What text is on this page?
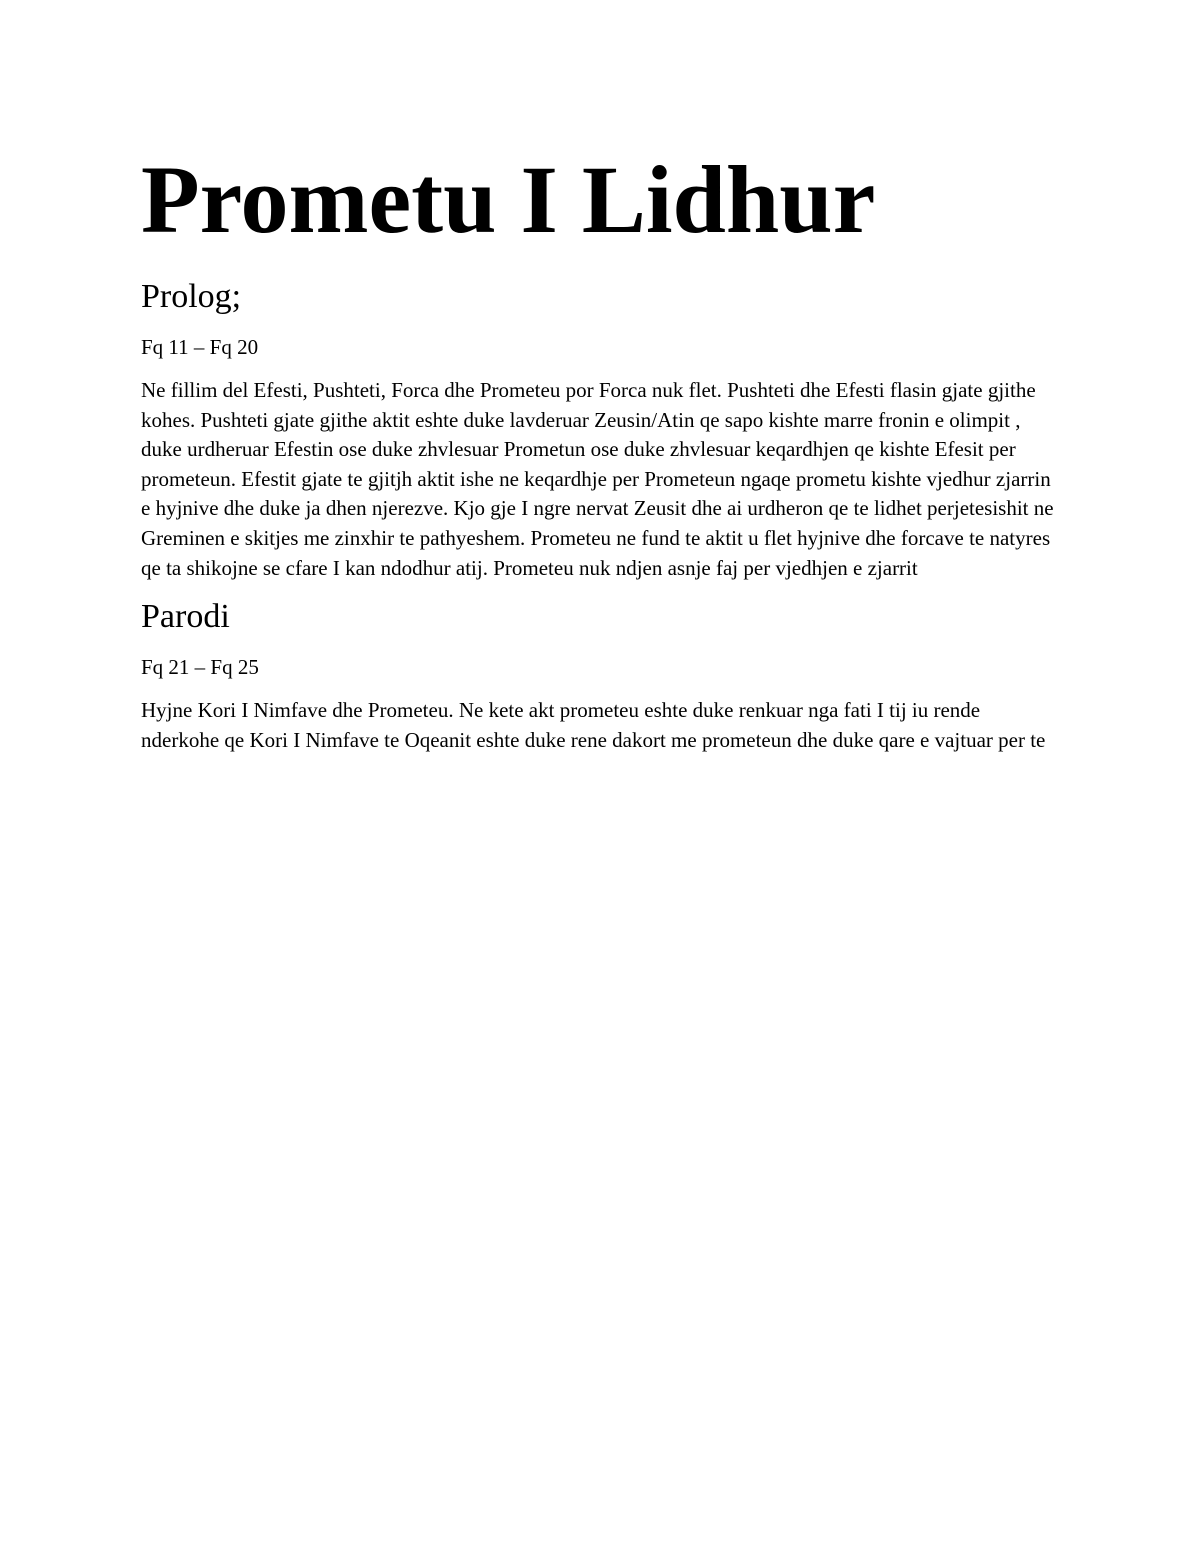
Prometu I Lidhur
Prolog;

Fq 11 – Fq 20

Ne fillim del Efesti, Pushteti, Forca dhe Prometeu por Forca nuk flet. Pushteti dhe Efesti flasin gjate gjithe kohes. Pushteti gjate gjithe aktit eshte duke lavderuar Zeusin/Atin qe sapo kishte marre fronin e olimpit , duke urdheruar Efestin ose duke zhvlesuar Prometun ose duke zhvlesuar keqardhjen qe kishte Efesit per prometeun. Efestit gjate te gjitjh aktit ishe ne keqardhje per Prometeun ngaqe prometu kishte vjedhur zjarrin e hyjnive dhe duke ja dhen njerezve. Kjo gje I ngre nervat Zeusit dhe ai urdheron qe te lidhet perjetesishit ne Greminen e skitjes me zinxhir te pathyeshem. Prometeu ne fund te aktit u flet hyjnive dhe forcave te natyres qe ta shikojne se cfare I kan ndodhur atij. Prometeu nuk ndjen asnje faj per vjedhjen e zjarrit

Parodi

Fq 21 – Fq 25

Hyjne Kori I Nimfave dhe Prometeu. Ne kete akt prometeu eshte duke renkuar nga fati I tij iu rende nderkohe qe Kori I Nimfave te Oqeanit eshte duke rene dakort me prometeun dhe duke qare e vajtuar per te
